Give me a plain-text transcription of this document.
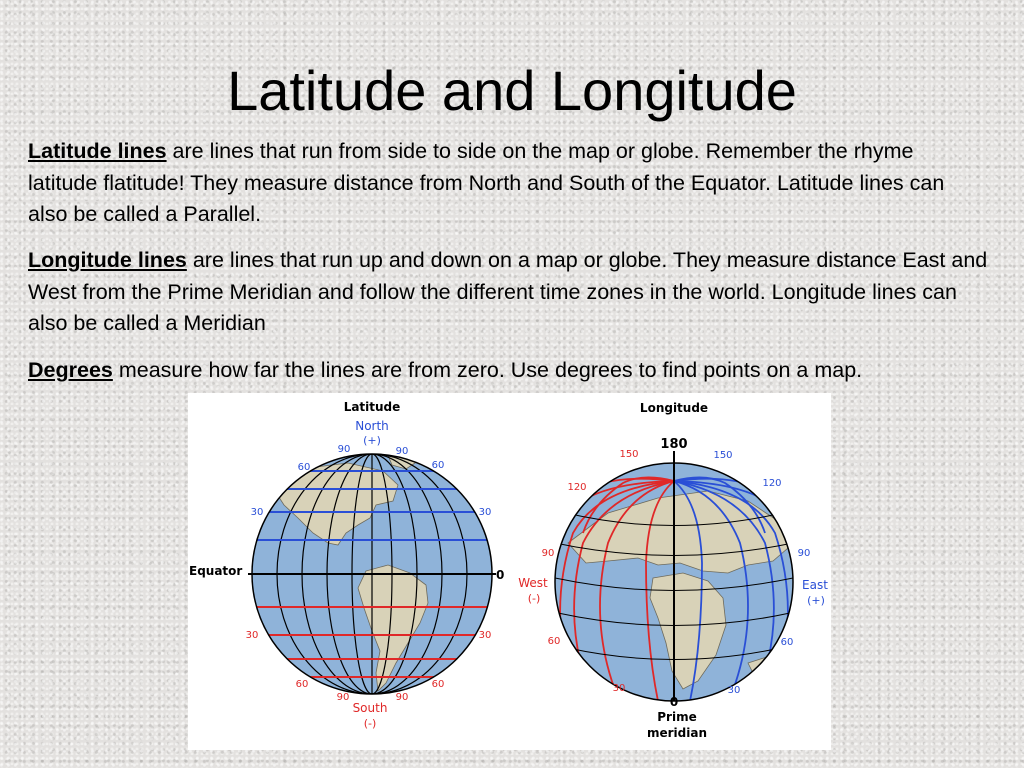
Latitude and Longitude

Latitude lines are lines that run from side to side on the map or globe. Remember the rhyme latitude flatitude! They measure distance from North and South of the Equator. Latitude lines can also be called a Parallel.

Longitude lines are lines that run up and down on a map or globe. They measure distance East and West from the Prime Meridian and follow the different time zones in the world. Longitude lines can also be called a Meridian

Degrees measure how far the lines are from zero. Use degrees to find points on a map.

Latitude
North
(+)
90	90
60	60
30	30
Equator	0
30	30
60	60
90	90
South
(-)
Longitude
180
150	150
120	120
90	90
West
(-)
East
(+)
60	60
30	30
0
Prime
meridian
